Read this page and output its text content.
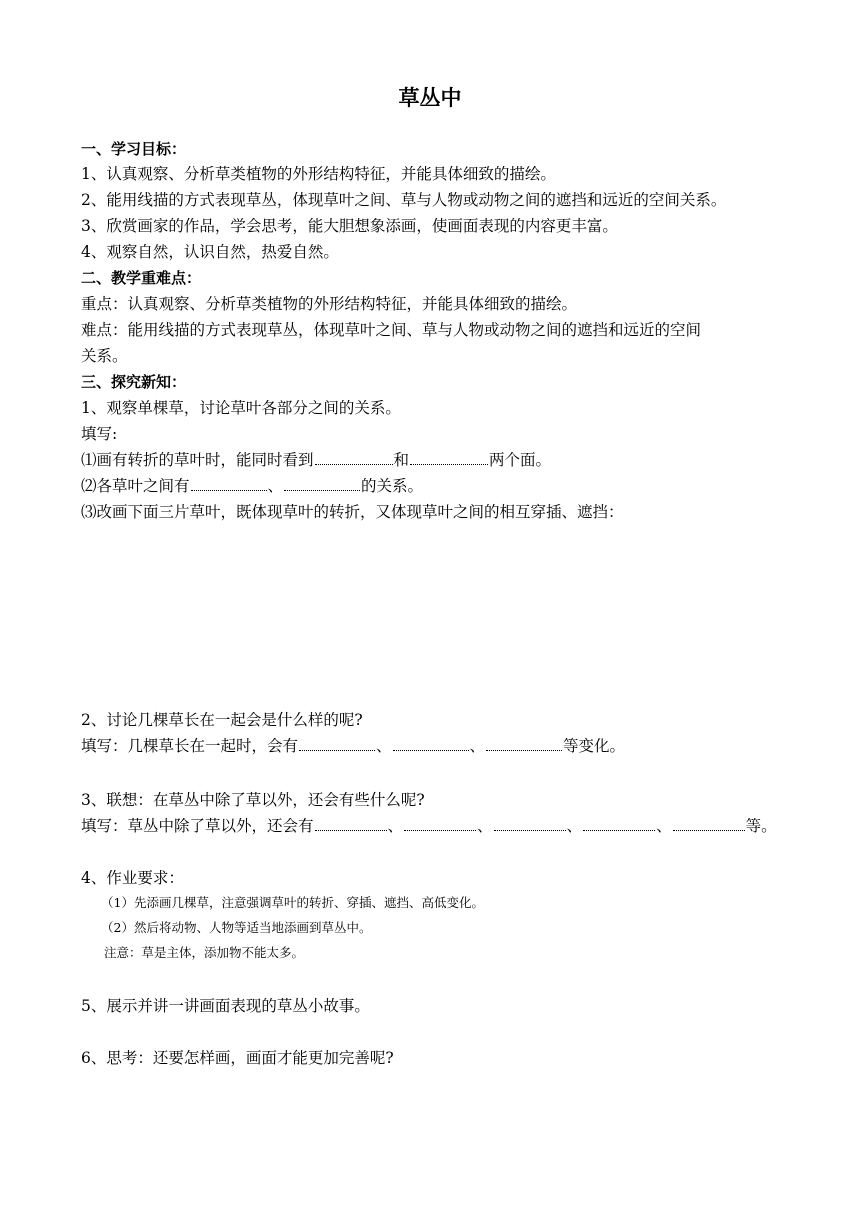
草丛中
一、学习目标：
1、认真观察、分析草类植物的外形结构特征，并能具体细致的描绘。
2、能用线描的方式表现草丛，体现草叶之间、草与人物或动物之间的遮挡和远近的空间关系。
3、欣赏画家的作品，学会思考，能大胆想象添画，使画面表现的内容更丰富。
4、观察自然，认识自然，热爱自然。
二、教学重难点：
重点：认真观察、分析草类植物的外形结构特征，并能具体细致的描绘。
难点：能用线描的方式表现草丛，体现草叶之间、草与人物或动物之间的遮挡和远近的空间
关系。
三、探究新知：
1、观察单棵草，讨论草叶各部分之间的关系。
填写:
⑴画有转折的草叶时，能同时看到	和	两个面。
⑵各草叶之间有	、	的关系。
⑶改画下面三片草叶，既体现草叶的转折，又体现草叶之间的相互穿插、遮挡：
2、讨论几棵草长在一起会是什么样的呢?
填写：几棵草长在一起时，会有	、	、	等变化。
3、联想：在草丛中除了草以外，还会有些什么呢?
填写：草丛中除了草以外，还会有	、	、	、	、	等。
4、作业要求：
（1）先添画几棵草，注意强调草叶的转折、穿插、遮挡、高低变化。
（2）然后将动物、人物等适当地添画到草丛中。
注意：草是主体，添加物不能太多。
5、展示并讲一讲画面表现的草丛小故事。
6、思考：还要怎样画，画面才能更加完善呢?
